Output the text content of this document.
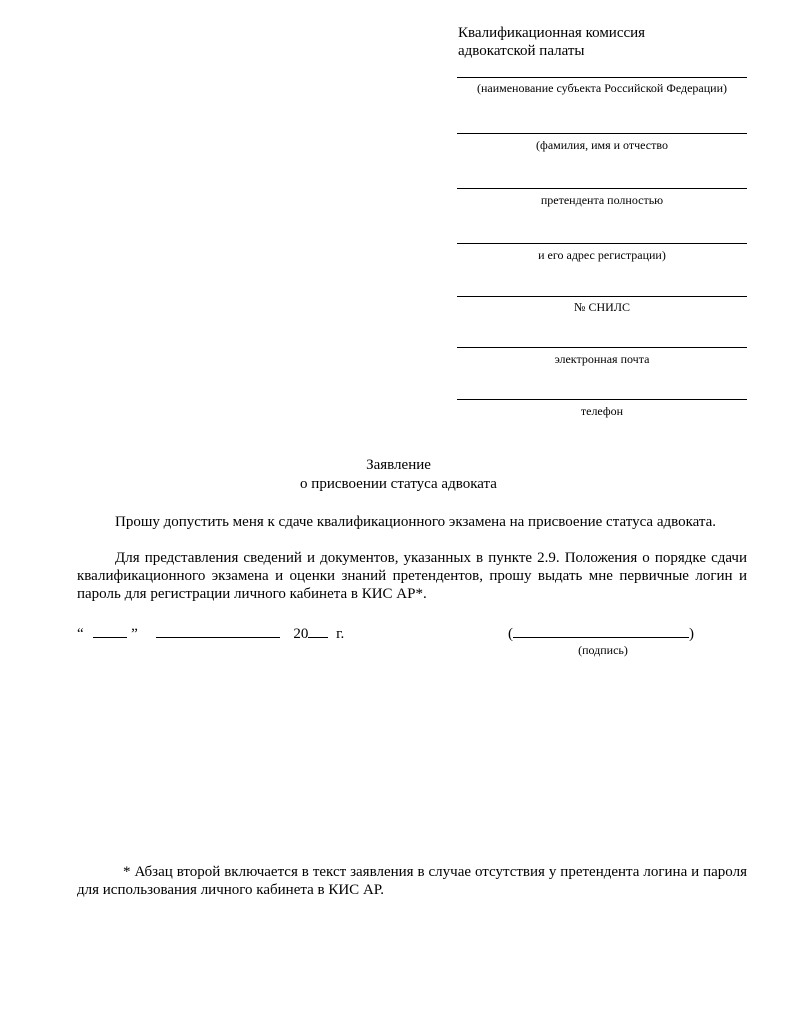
Квалификационная комиссия
адвокатской палаты
(наименование субъекта Российской Федерации)
(фамилия, имя и отчество
претендента полностью
и его адрес регистрации)
№ СНИЛС
электронная почта
телефон
Заявление
о присвоении статуса адвоката
Прошу допустить меня к сдаче квалификационного экзамена на присвоение статуса адвоката.
Для представления сведений и документов, указанных в пункте 2.9. Положения о порядке сдачи квалификационного экзамена и оценки знаний претендентов, прошу выдать мне первичные логин и пароль для регистрации личного кабинета в КИС АР*.
“	”	20 г.	(	)
(подпись)
* Абзац второй включается в текст заявления в случае отсутствия у претендента логина и пароля для использования личного кабинета в КИС АР.
